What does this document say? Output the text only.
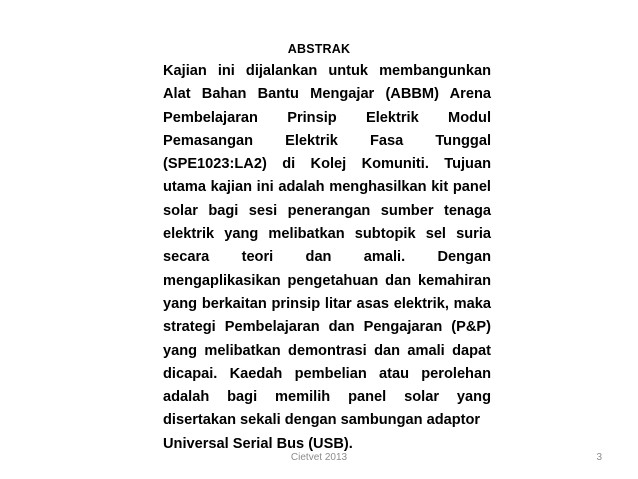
ABSTRAK

Kajian ini dijalankan untuk membangunkan Alat Bahan Bantu Mengajar (ABBM) Arena Pembelajaran Prinsip Elektrik Modul Pemasangan Elektrik Fasa Tunggal (SPE1023:LA2) di Kolej Komuniti. Tujuan utama kajian ini adalah menghasilkan kit panel solar bagi sesi penerangan sumber tenaga elektrik yang melibatkan subtopik sel suria secara teori dan amali. Dengan mengaplikasikan pengetahuan dan kemahiran yang berkaitan prinsip litar asas elektrik, maka strategi Pembelajaran dan Pengajaran (P&P) yang melibatkan demontrasi dan amali dapat dicapai. Kaedah pembelian atau perolehan adalah bagi memilih panel solar yang disertakan sekali dengan sambungan adaptor
Universal Serial Bus (USB).

Cietvet 2013	3
